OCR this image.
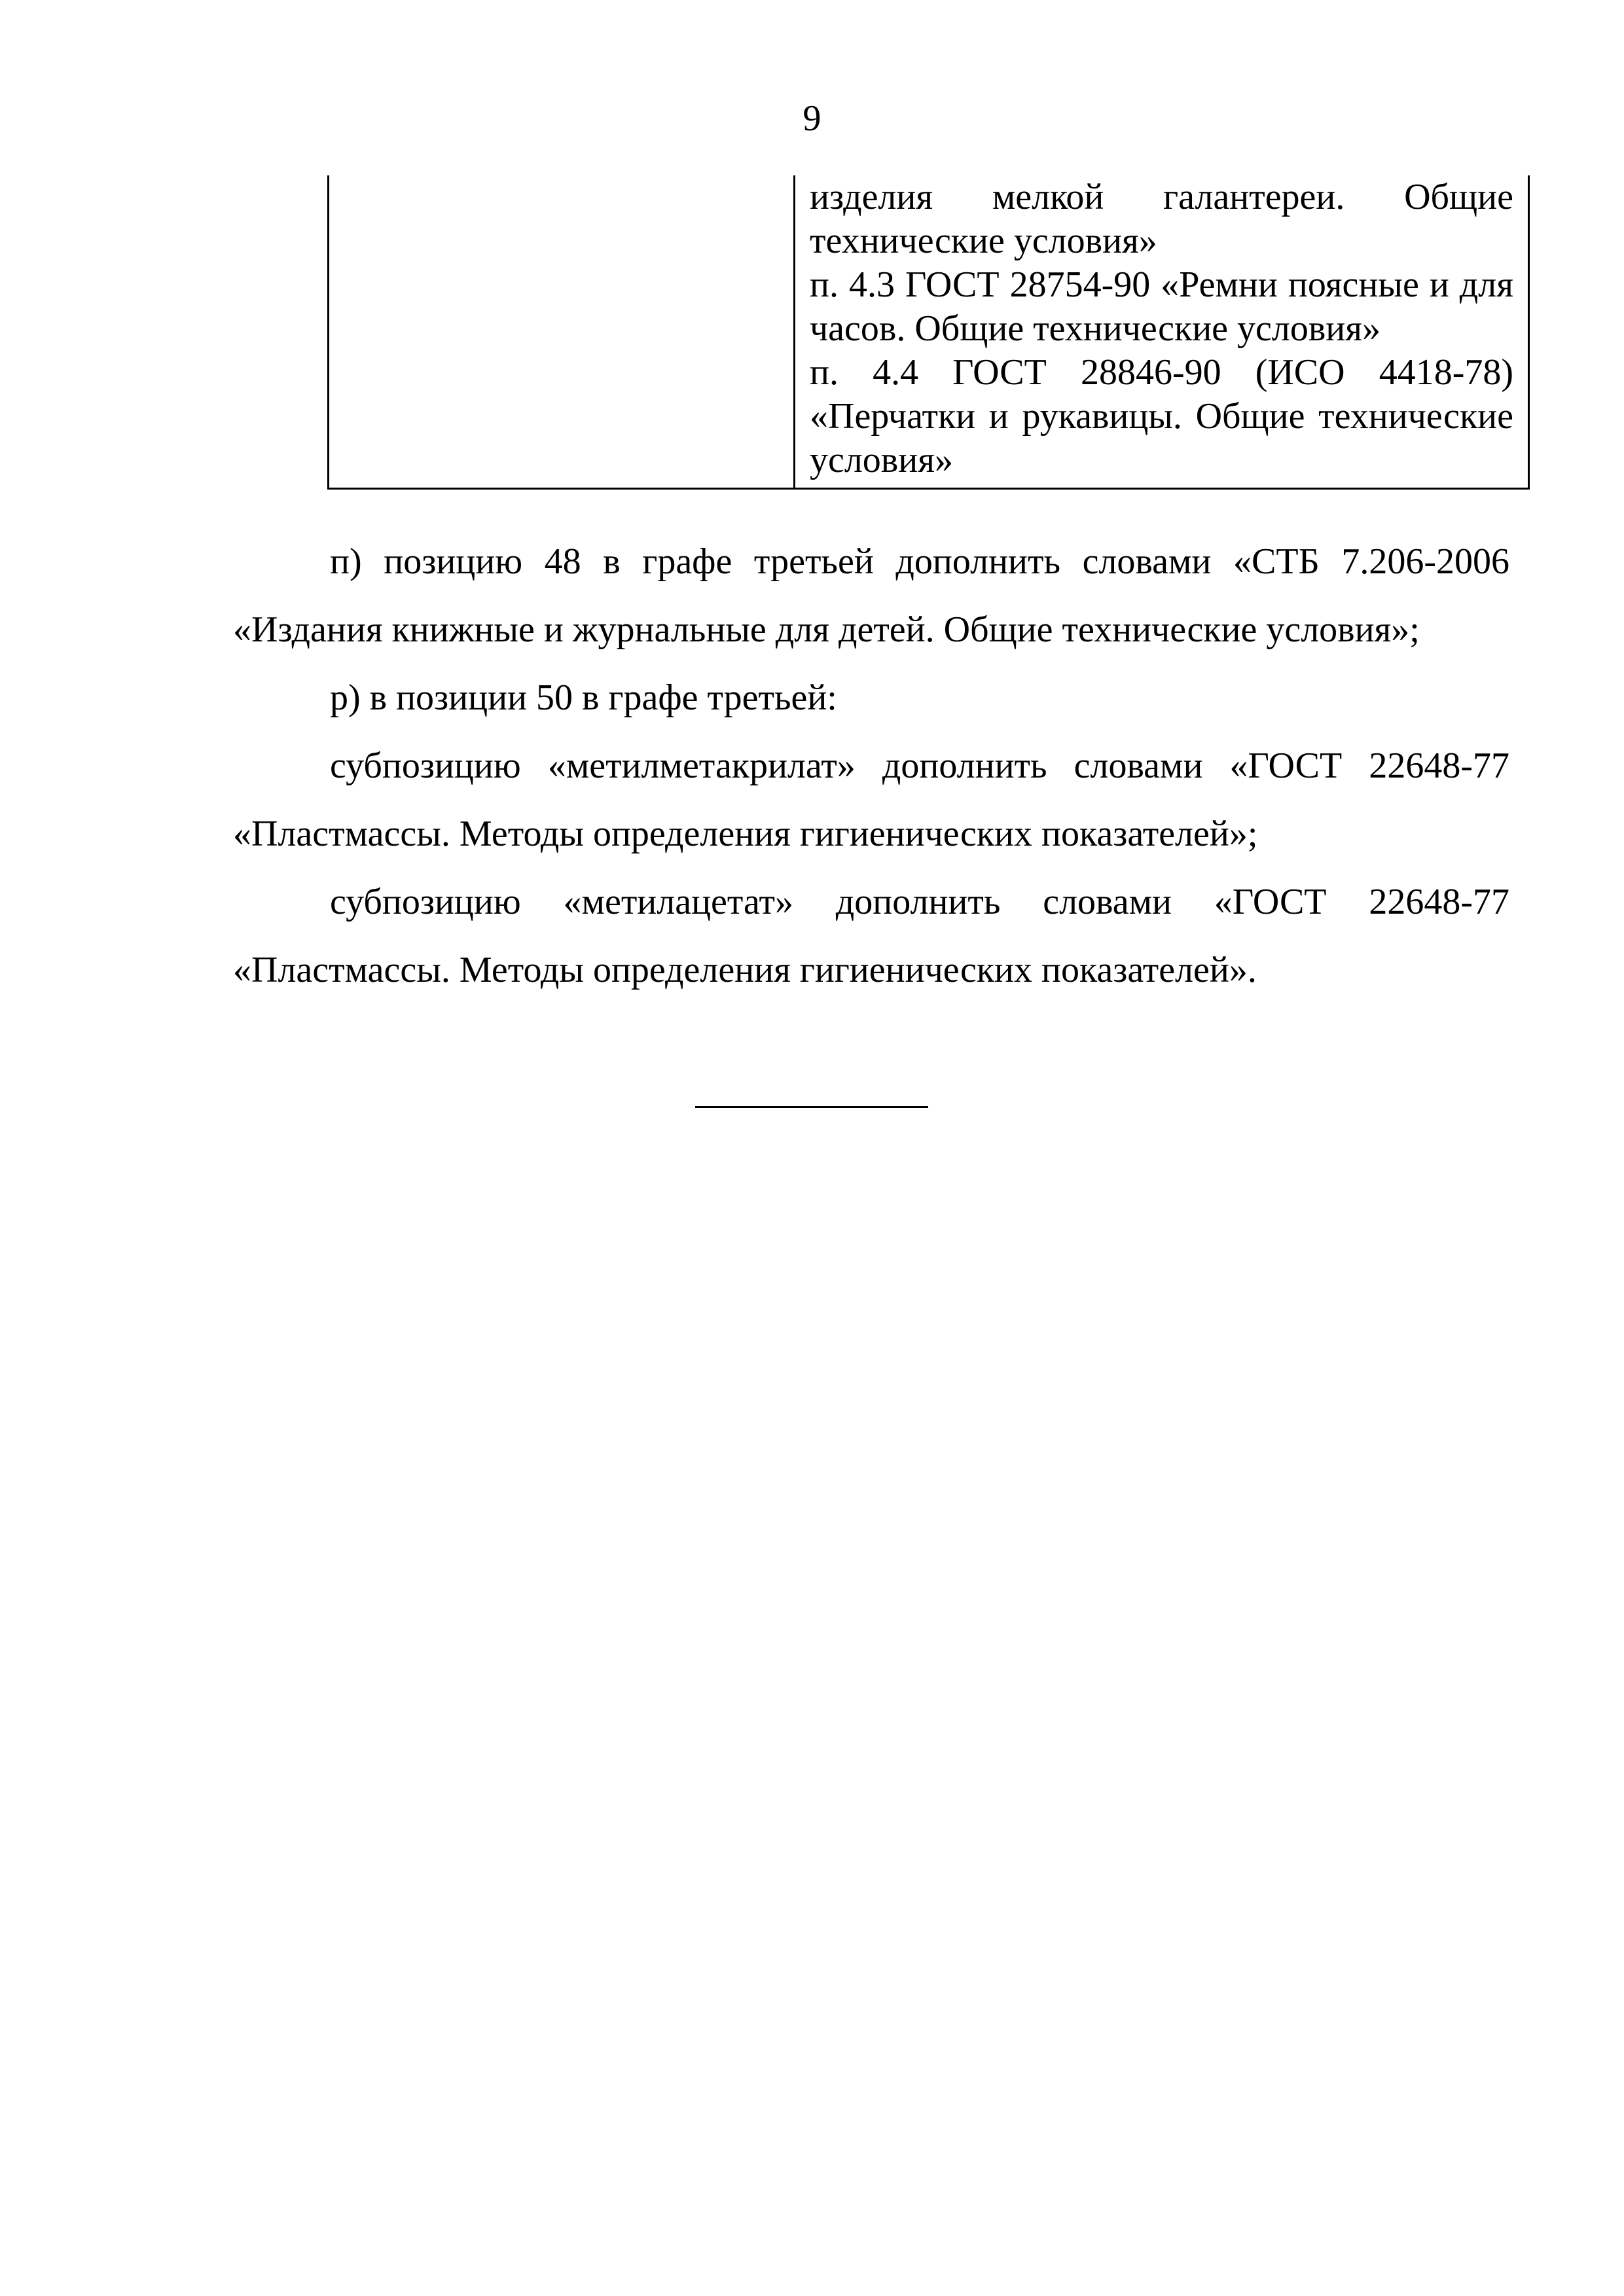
9

изделия мелкой галантереи. Общие технические условия»

п. 4.3 ГОСТ 28754-90 «Ремни поясные и для часов. Общие технические условия»

п. 4.4 ГОСТ 28846-90 (ИСО 4418-78) «Перчатки и рукавицы. Общие технические условия»

п) позицию 48 в графе третьей дополнить словами «СТБ 7.206-2006 «Издания книжные и журнальные для детей. Общие технические условия»;

р) в позиции 50 в графе третьей:

субпозицию «метилметакрилат» дополнить словами «ГОСТ 22648-77 «Пластмассы. Методы определения гигиенических показателей»;

субпозицию «метилацетат» дополнить словами «ГОСТ 22648-77 «Пластмассы. Методы определения гигиенических показателей».
